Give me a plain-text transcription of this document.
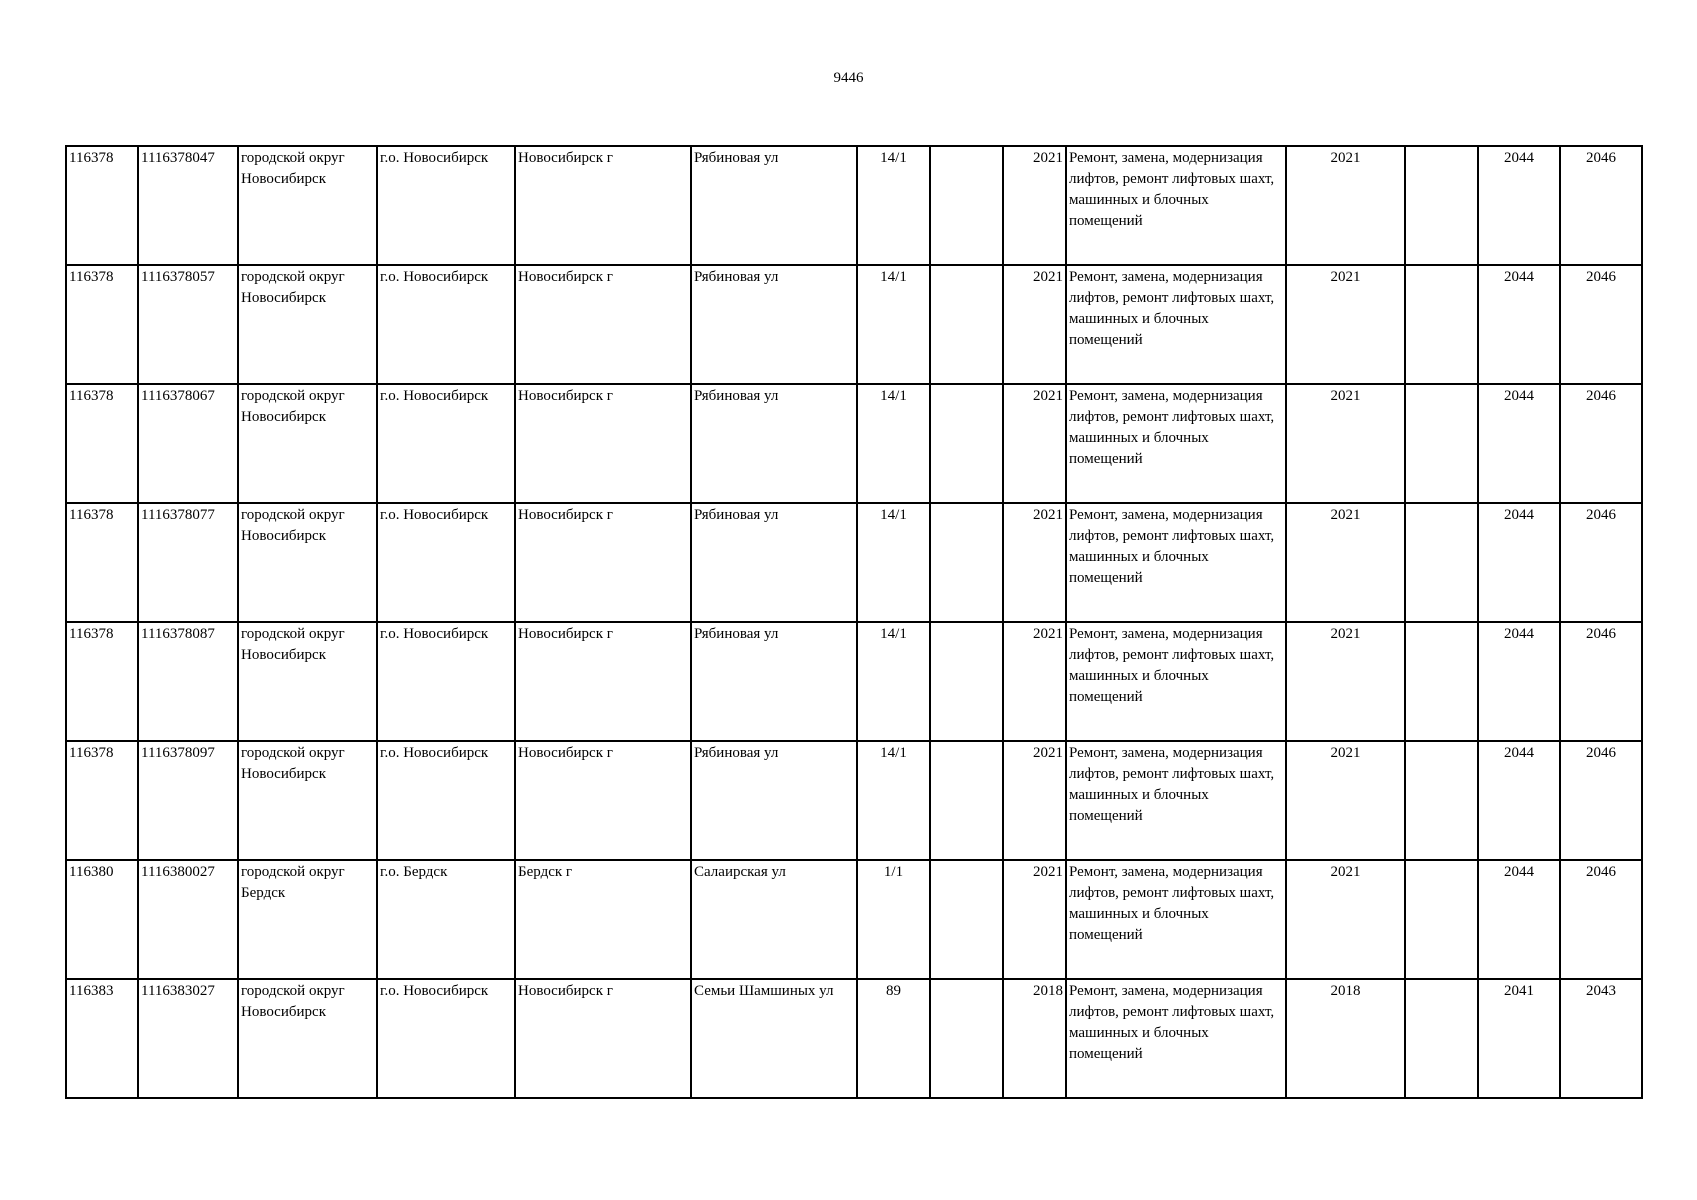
9446
116378	1116378047	городской округ Новосибирск	г.о. Новосибирск	Новосибирск г	Рябиновая ул	14/1		2021	Ремонт, замена, модернизация лифтов, ремонт лифтовых шахт, машинных и блочных помещений	2021		2044	2046
116378	1116378057	городской округ Новосибирск	г.о. Новосибирск	Новосибирск г	Рябиновая ул	14/1		2021	Ремонт, замена, модернизация лифтов, ремонт лифтовых шахт, машинных и блочных помещений	2021		2044	2046
116378	1116378067	городской округ Новосибирск	г.о. Новосибирск	Новосибирск г	Рябиновая ул	14/1		2021	Ремонт, замена, модернизация лифтов, ремонт лифтовых шахт, машинных и блочных помещений	2021		2044	2046
116378	1116378077	городской округ Новосибирск	г.о. Новосибирск	Новосибирск г	Рябиновая ул	14/1		2021	Ремонт, замена, модернизация лифтов, ремонт лифтовых шахт, машинных и блочных помещений	2021		2044	2046
116378	1116378087	городской округ Новосибирск	г.о. Новосибирск	Новосибирск г	Рябиновая ул	14/1		2021	Ремонт, замена, модернизация лифтов, ремонт лифтовых шахт, машинных и блочных помещений	2021		2044	2046
116378	1116378097	городской округ Новосибирск	г.о. Новосибирск	Новосибирск г	Рябиновая ул	14/1		2021	Ремонт, замена, модернизация лифтов, ремонт лифтовых шахт, машинных и блочных помещений	2021		2044	2046
116380	1116380027	городской округ Бердск	г.о. Бердск	Бердск г	Салаирская ул	1/1		2021	Ремонт, замена, модернизация лифтов, ремонт лифтовых шахт, машинных и блочных помещений	2021		2044	2046
116383	1116383027	городской округ Новосибирск	г.о. Новосибирск	Новосибирск г	Семьи Шамшиных ул	89		2018	Ремонт, замена, модернизация лифтов, ремонт лифтовых шахт, машинных и блочных помещений	2018		2041	2043
